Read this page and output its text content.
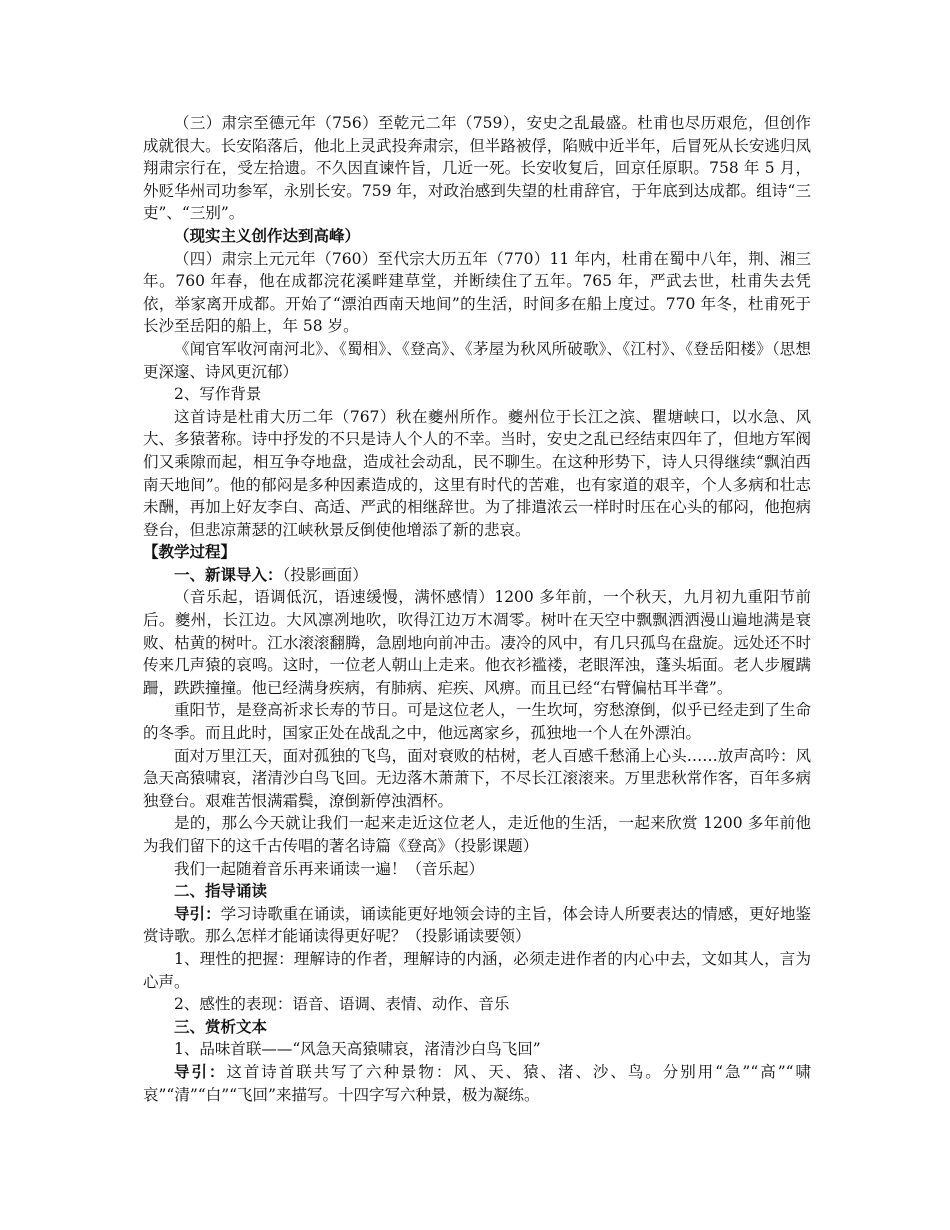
（三）肃宗至德元年（756）至乾元二年（759），安史之乱最盛。杜甫也尽历艰危，但创作成就很大。长安陷落后，他北上灵武投奔肃宗，但半路被俘，陷贼中近半年，后冒死从长安逃归凤翔肃宗行在，受左拾遗。不久因直谏忤旨，几近一死。长安收复后，回京任原职。758 年 5 月，外贬华州司功参军，永别长安。759 年，对政治感到失望的杜甫辞官，于年底到达成都。组诗“三吏”、“三别”。

（现实主义创作达到高峰）

（四）肃宗上元元年（760）至代宗大历五年（770）11 年内，杜甫在蜀中八年，荆、湘三年。760 年春，他在成都浣花溪畔建草堂，并断续住了五年。765 年，严武去世，杜甫失去凭依，举家离开成都。开始了“漂泊西南天地间”的生活，时间多在船上度过。770 年冬，杜甫死于长沙至岳阳的船上，年 58 岁。

《闻官军收河南河北》、《蜀相》、《登高》、《茅屋为秋风所破歌》、《江村》、《登岳阳楼》（思想更深邃、诗风更沉郁）

2、写作背景

这首诗是杜甫大历二年（767）秋在夔州所作。夔州位于长江之滨、瞿塘峡口，以水急、风大、多猿著称。诗中抒发的不只是诗人个人的不幸。当时，安史之乱已经结束四年了，但地方军阀们又乘隙而起，相互争夺地盘，造成社会动乱，民不聊生。在这种形势下，诗人只得继续“飘泊西南天地间”。他的郁闷是多种因素造成的，这里有时代的苦难，也有家道的艰辛，个人多病和壮志未酬，再加上好友李白、高适、严武的相继辞世。为了排遣浓云一样时时压在心头的郁闷，他抱病登台，但悲凉萧瑟的江峡秋景反倒使他增添了新的悲哀。

【教学过程】

一、新课导入：（投影画面）

（音乐起，语调低沉，语速缓慢，满怀感情）1200 多年前，一个秋天，九月初九重阳节前后。夔州，长江边。大风凛冽地吹，吹得江边万木凋零。树叶在天空中飘飘洒洒漫山遍地满是衰败、枯黄的树叶。江水滚滚翻腾，急剧地向前冲击。凄冷的风中，有几只孤鸟在盘旋。远处还不时传来几声猿的哀鸣。这时，一位老人朝山上走来。他衣衫褴褛，老眼浑浊，蓬头垢面。老人步履蹒跚，跌跌撞撞。他已经满身疾病，有肺病、疟疾、风痹。而且已经“右臂偏枯耳半聋”。

重阳节，是登高祈求长寿的节日。可是这位老人，一生坎坷，穷愁潦倒，似乎已经走到了生命的冬季。而且此时，国家正处在战乱之中，他远离家乡，孤独地一个人在外漂泊。

面对万里江天，面对孤独的飞鸟，面对衰败的枯树，老人百感千愁涌上心头……放声高吟：风急天高猿啸哀，渚清沙白鸟飞回。无边落木萧萧下，不尽长江滚滚来。万里悲秋常作客，百年多病独登台。艰难苦恨满霜鬓，潦倒新停浊酒杯。

是的，那么今天就让我们一起来走近这位老人，走近他的生活，一起来欣赏 1200 多年前他为我们留下的这千古传唱的著名诗篇《登高》（投影课题）

我们一起随着音乐再来诵读一遍！（音乐起）

二、指导诵读

导引：学习诗歌重在诵读，诵读能更好地领会诗的主旨，体会诗人所要表达的情感，更好地鉴赏诗歌。那么怎样才能诵读得更好呢？（投影诵读要领）

1、理性的把握：理解诗的作者，理解诗的内涵，必须走进作者的内心中去，文如其人，言为心声。

2、感性的表现：语音、语调、表情、动作、音乐

三、赏析文本

1、品味首联——“风急天高猿啸哀，渚清沙白鸟飞回”

导引：这首诗首联共写了六种景物：风、天、猿、渚、沙、鸟。分别用“急”“高”“啸哀”“清”“白”“飞回”来描写。十四字写六种景，极为凝练。
